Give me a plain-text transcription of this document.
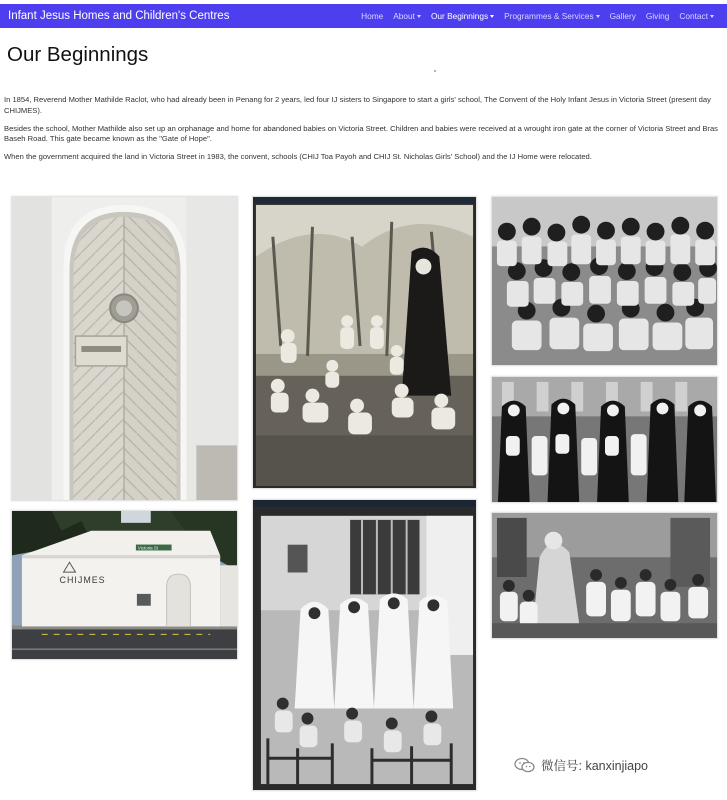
Infant Jesus Homes and Children's Centres	Home About Our Beginnings Programmes & Services Gallery Giving Contact
Our Beginnings

In 1854, Reverend Mother Mathilde Raclot, who had already been in Penang for 2 years, led four IJ sisters to Singapore to start a girls' school, The Convent of the Holy Infant Jesus in Victoria Street (present day CHIJMES).

Besides the school, Mother Mathilde also set up an orphanage and home for abandoned babies on Victoria Street. Children and babies were received at a wrought iron gate at the corner of Victoria Street and Bras Baseh Road. This gate became known as the "Gate of Hope".

When the government acquired the land in Victoria Street in 1983, the convent, schools (CHIJ Toa Payoh and CHIJ St. Nicholas Girls' School) and the IJ Home were relocated.

CHIJMES
Victoria St
微信号: kanxinjiapo
